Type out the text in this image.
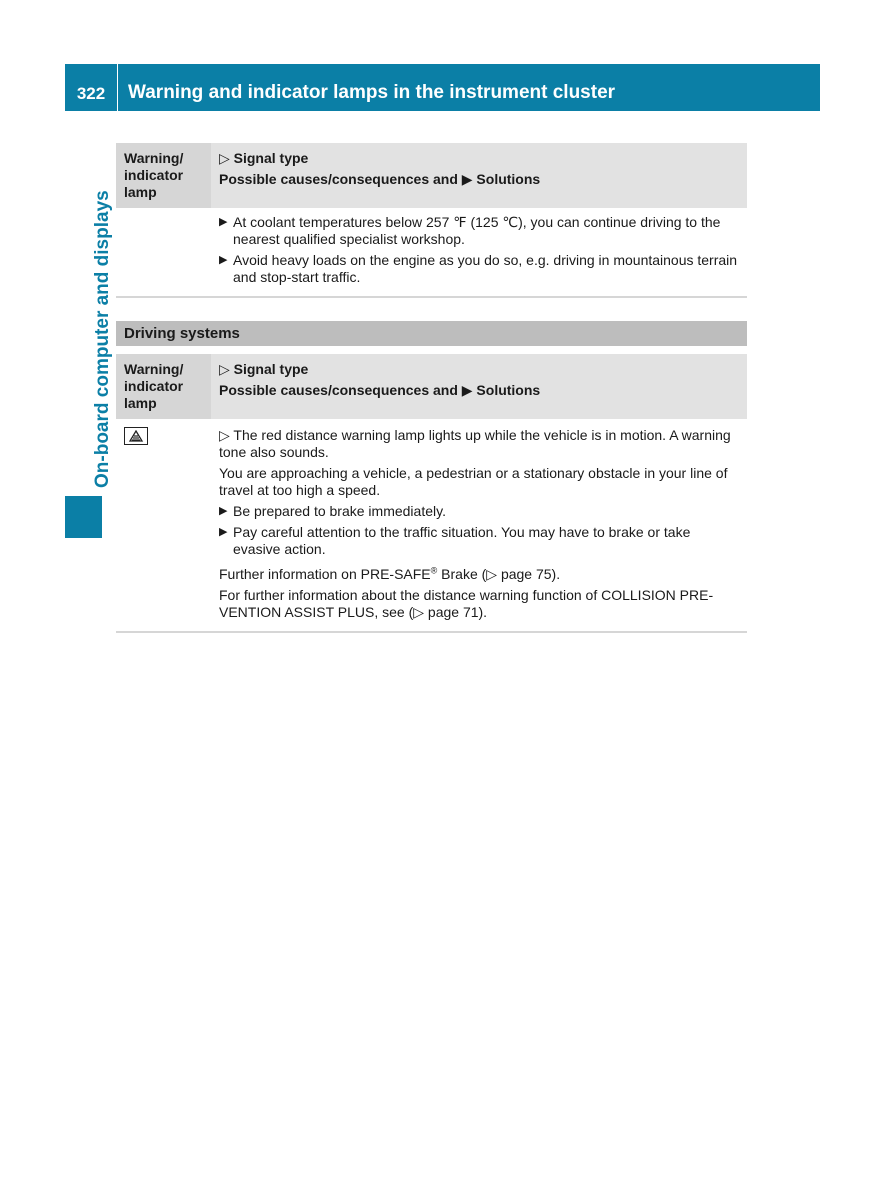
322	Warning and indicator lamps in the instrument cluster
On-board computer and displays
Warning/ indicator lamp
▷ Signal type
Possible causes/consequences and ▶ Solutions
▶ At coolant temperatures below 257 ℉ (125 ℃), you can continue driving to the nearest qualified specialist workshop.
▶ Avoid heavy loads on the engine as you do so, e.g. driving in mountainous terrain and stop-start traffic.
Driving systems
Warning/ indicator lamp
▷ Signal type
Possible causes/consequences and ▶ Solutions
▷ The red distance warning lamp lights up while the vehicle is in motion. A warning tone also sounds.
You are approaching a vehicle, a pedestrian or a stationary obstacle in your line of travel at too high a speed.
▶ Be prepared to brake immediately.
▶ Pay careful attention to the traffic situation. You may have to brake or take evasive action.
Further information on PRE-SAFE® Brake (▷ page 75).
For further information about the distance warning function of COLLISION PRE-VENTION ASSIST PLUS, see (▷ page 71).
